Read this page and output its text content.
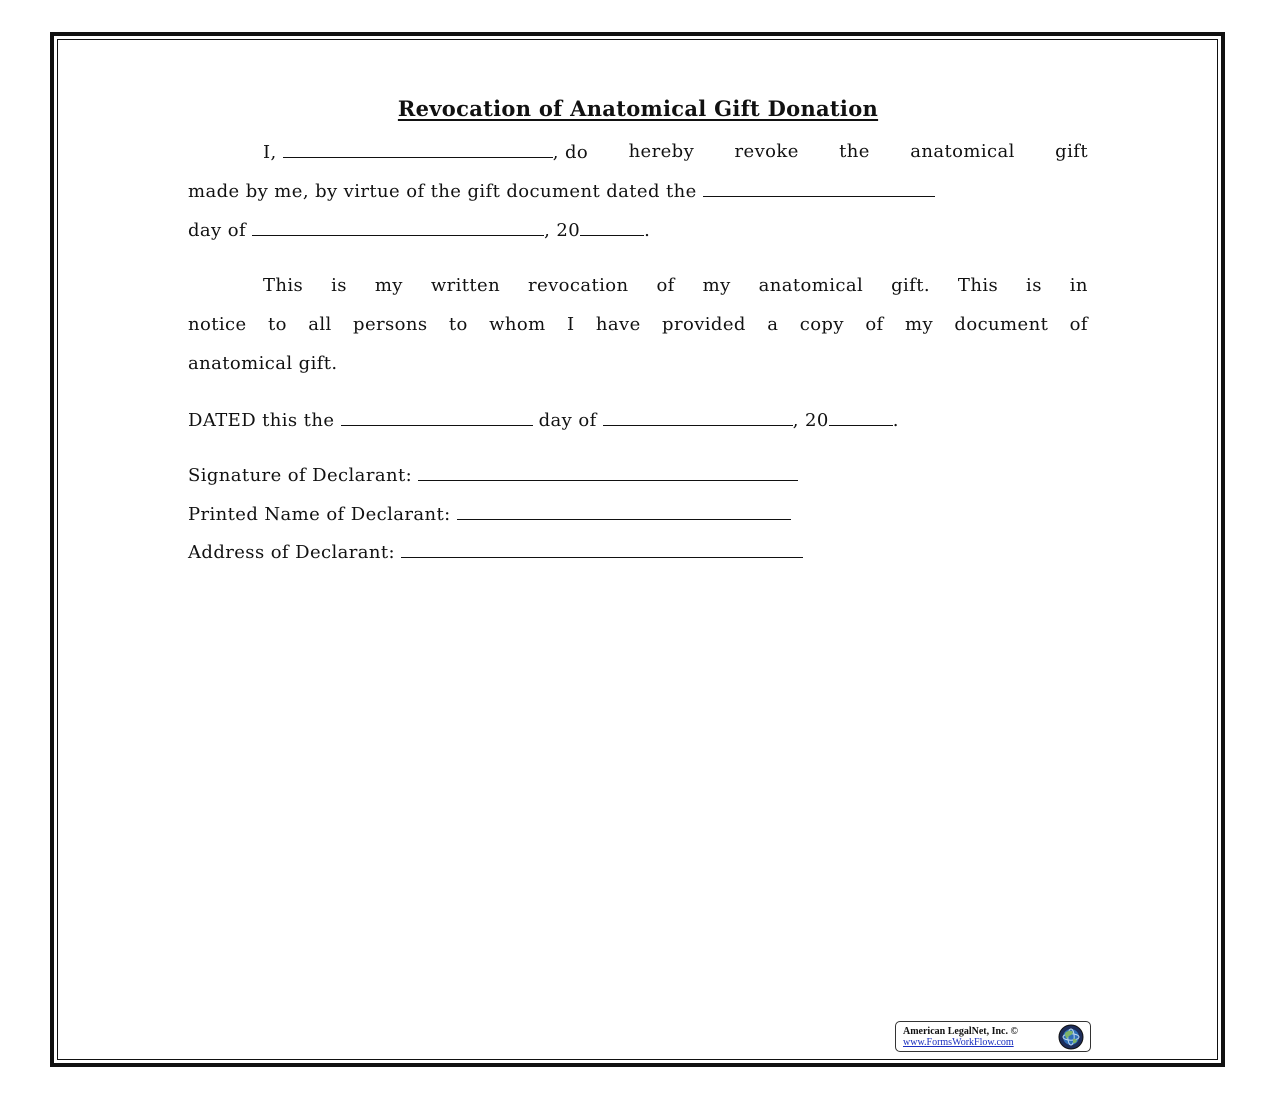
Revocation of Anatomical Gift Donation
I,	, do hereby revoke the anatomical gift
made by me, by virtue of the gift document dated the
day of	, 20	.
This is my written revocation of my anatomical gift. This is in
notice to all persons to whom I have provided a copy of my document of
anatomical gift.
DATED this the	day of	, 20	.
Signature of Declarant:
Printed Name of Declarant:
Address of Declarant:
American LegalNet, Inc. ©
www.FormsWorkFlow.com
